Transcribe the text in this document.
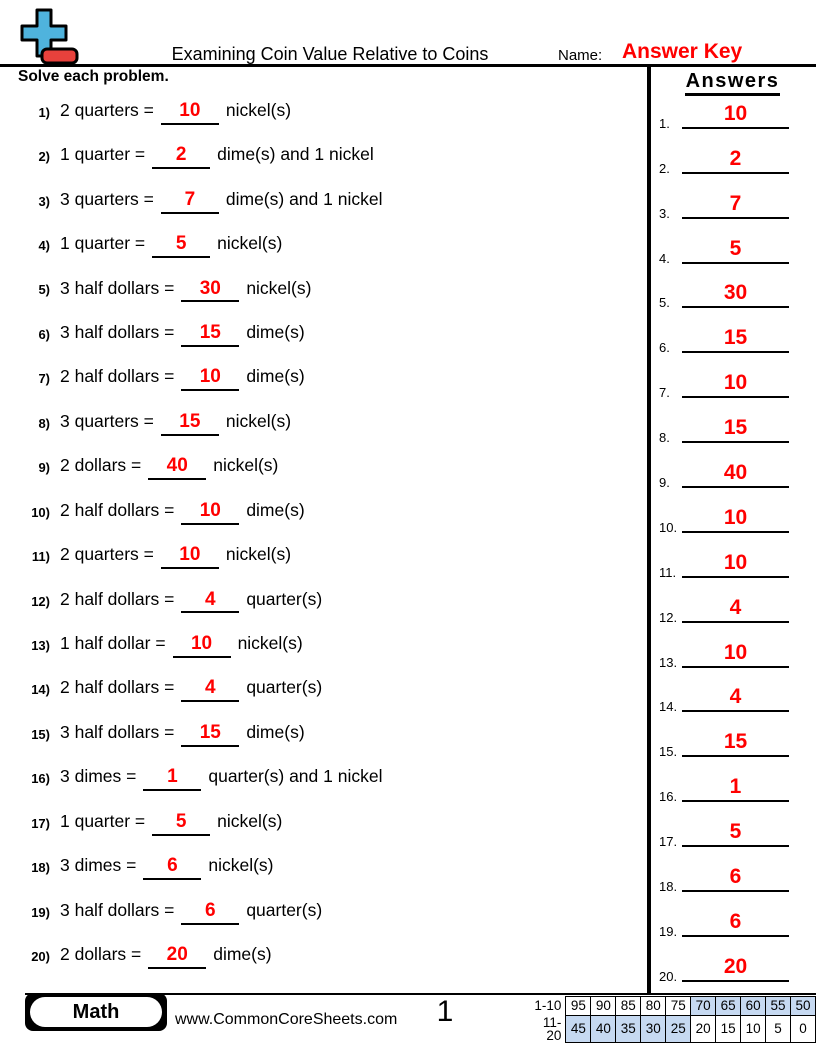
Examining Coin Value Relative to Coins	Name: Answer Key
Solve each problem.
1) 2 quarters = 10 nickel(s)
2) 1 quarter = 2 dime(s) and 1 nickel
3) 3 quarters = 7 dime(s) and 1 nickel
4) 1 quarter = 5 nickel(s)
5) 3 half dollars = 30 nickel(s)
6) 3 half dollars = 15 dime(s)
7) 2 half dollars = 10 dime(s)
8) 3 quarters = 15 nickel(s)
9) 2 dollars = 40 nickel(s)
10) 2 half dollars = 10 dime(s)
11) 2 quarters = 10 nickel(s)
12) 2 half dollars = 4 quarter(s)
13) 1 half dollar = 10 nickel(s)
14) 2 half dollars = 4 quarter(s)
15) 3 half dollars = 15 dime(s)
16) 3 dimes = 1 quarter(s) and 1 nickel
17) 1 quarter = 5 nickel(s)
18) 3 dimes = 6 nickel(s)
19) 3 half dollars = 6 quarter(s)
20) 2 dollars = 20 dime(s)
Answers
1.	10
2.	2
3.	7
4.	5
5.	30
6.	15
7.	10
8.	15
9.	40
10.	10
11.	10
12.	4
13.	10
14.	4
15.	15
16.	1
17.	5
18.	6
19.	6
20.	20
Math	www.CommonCoreSheets.com	1	1-10	95	90	85	80	75	70	65	60	55	50
11-20	45	40	35	30	25	20	15	10	5	0
